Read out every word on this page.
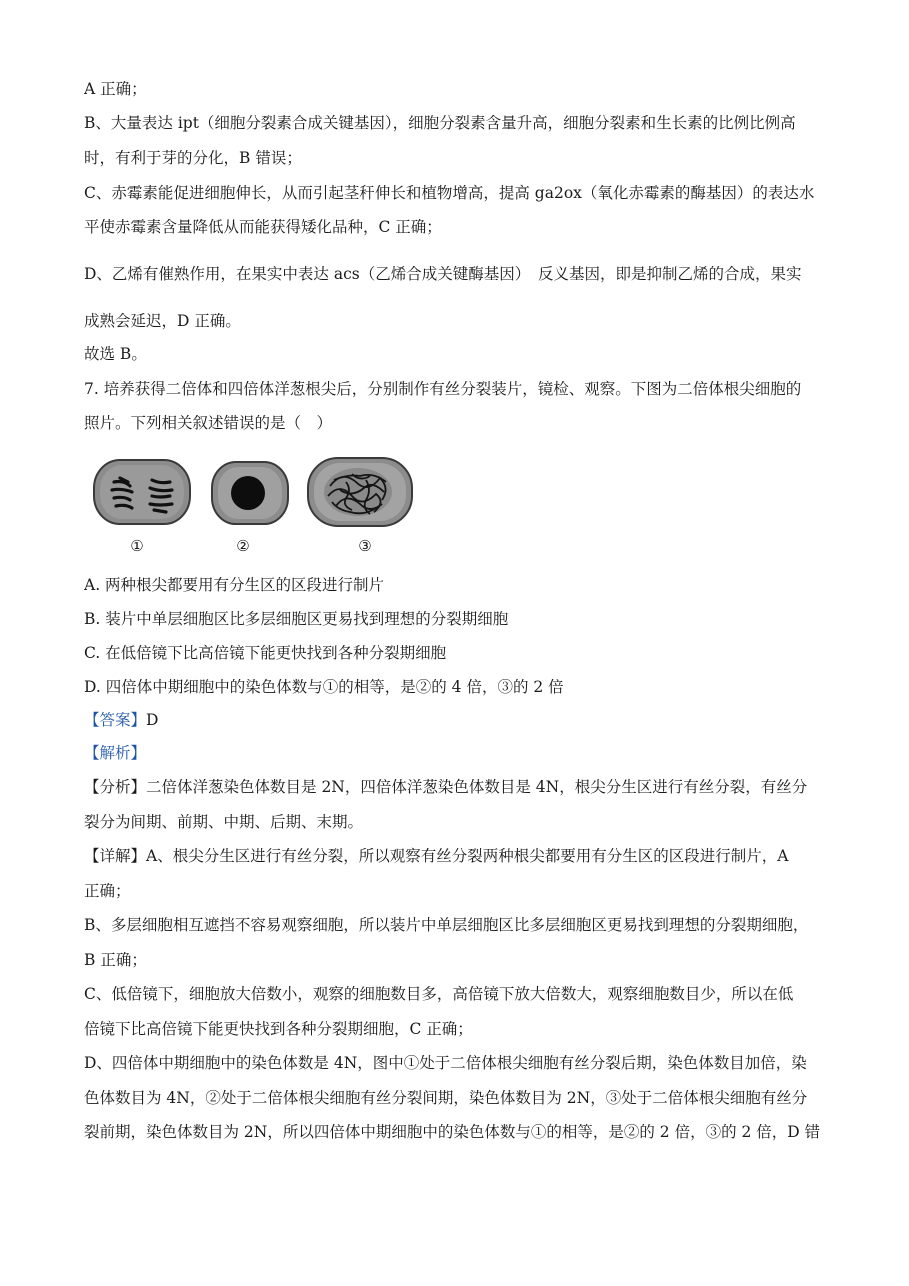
A 正确；
B、大量表达 ipt（细胞分裂素合成关键基因），细胞分裂素含量升高，细胞分裂素和生长素的比例比例高
时，有利于芽的分化，B 错误；
C、赤霉素能促进细胞伸长，从而引起茎秆伸长和植物增高，提高 ga2ox（氧化赤霉素的酶基因）的表达水
平使赤霉素含量降低从而能获得矮化品种，C 正确；
D、乙烯有催熟作用，在果实中表达 acs（乙烯合成关键酶基因）　反义基因，即是抑制乙烯的合成，果实
成熟会延迟，D 正确。
故选 B。
7. 培养获得二倍体和四倍体洋葱根尖后，分别制作有丝分裂装片，镜检、观察。下图为二倍体根尖细胞的
照片。下列相关叙述错误的是（　）
①	②	③
A. 两种根尖都要用有分生区的区段进行制片
B. 装片中单层细胞区比多层细胞区更易找到理想的分裂期细胞
C. 在低倍镜下比高倍镜下能更快找到各种分裂期细胞
D. 四倍体中期细胞中的染色体数与①的相等，是②的 4 倍，③的 2 倍
【答案】D
【解析】
【分析】二倍体洋葱染色体数目是 2N，四倍体洋葱染色体数目是 4N，根尖分生区进行有丝分裂，有丝分
裂分为间期、前期、中期、后期、末期。
【详解】A、根尖分生区进行有丝分裂，所以观察有丝分裂两种根尖都要用有分生区的区段进行制片，A
正确；
B、多层细胞相互遮挡不容易观察细胞，所以装片中单层细胞区比多层细胞区更易找到理想的分裂期细胞，
B 正确；
C、低倍镜下，细胞放大倍数小，观察的细胞数目多，高倍镜下放大倍数大，观察细胞数目少，所以在低
倍镜下比高倍镜下能更快找到各种分裂期细胞，C 正确；
D、四倍体中期细胞中的染色体数是 4N，图中①处于二倍体根尖细胞有丝分裂后期，染色体数目加倍，染
色体数目为 4N，②处于二倍体根尖细胞有丝分裂间期，染色体数目为 2N，③处于二倍体根尖细胞有丝分
裂前期，染色体数目为 2N，所以四倍体中期细胞中的染色体数与①的相等，是②的 2 倍，③的 2 倍，D 错
